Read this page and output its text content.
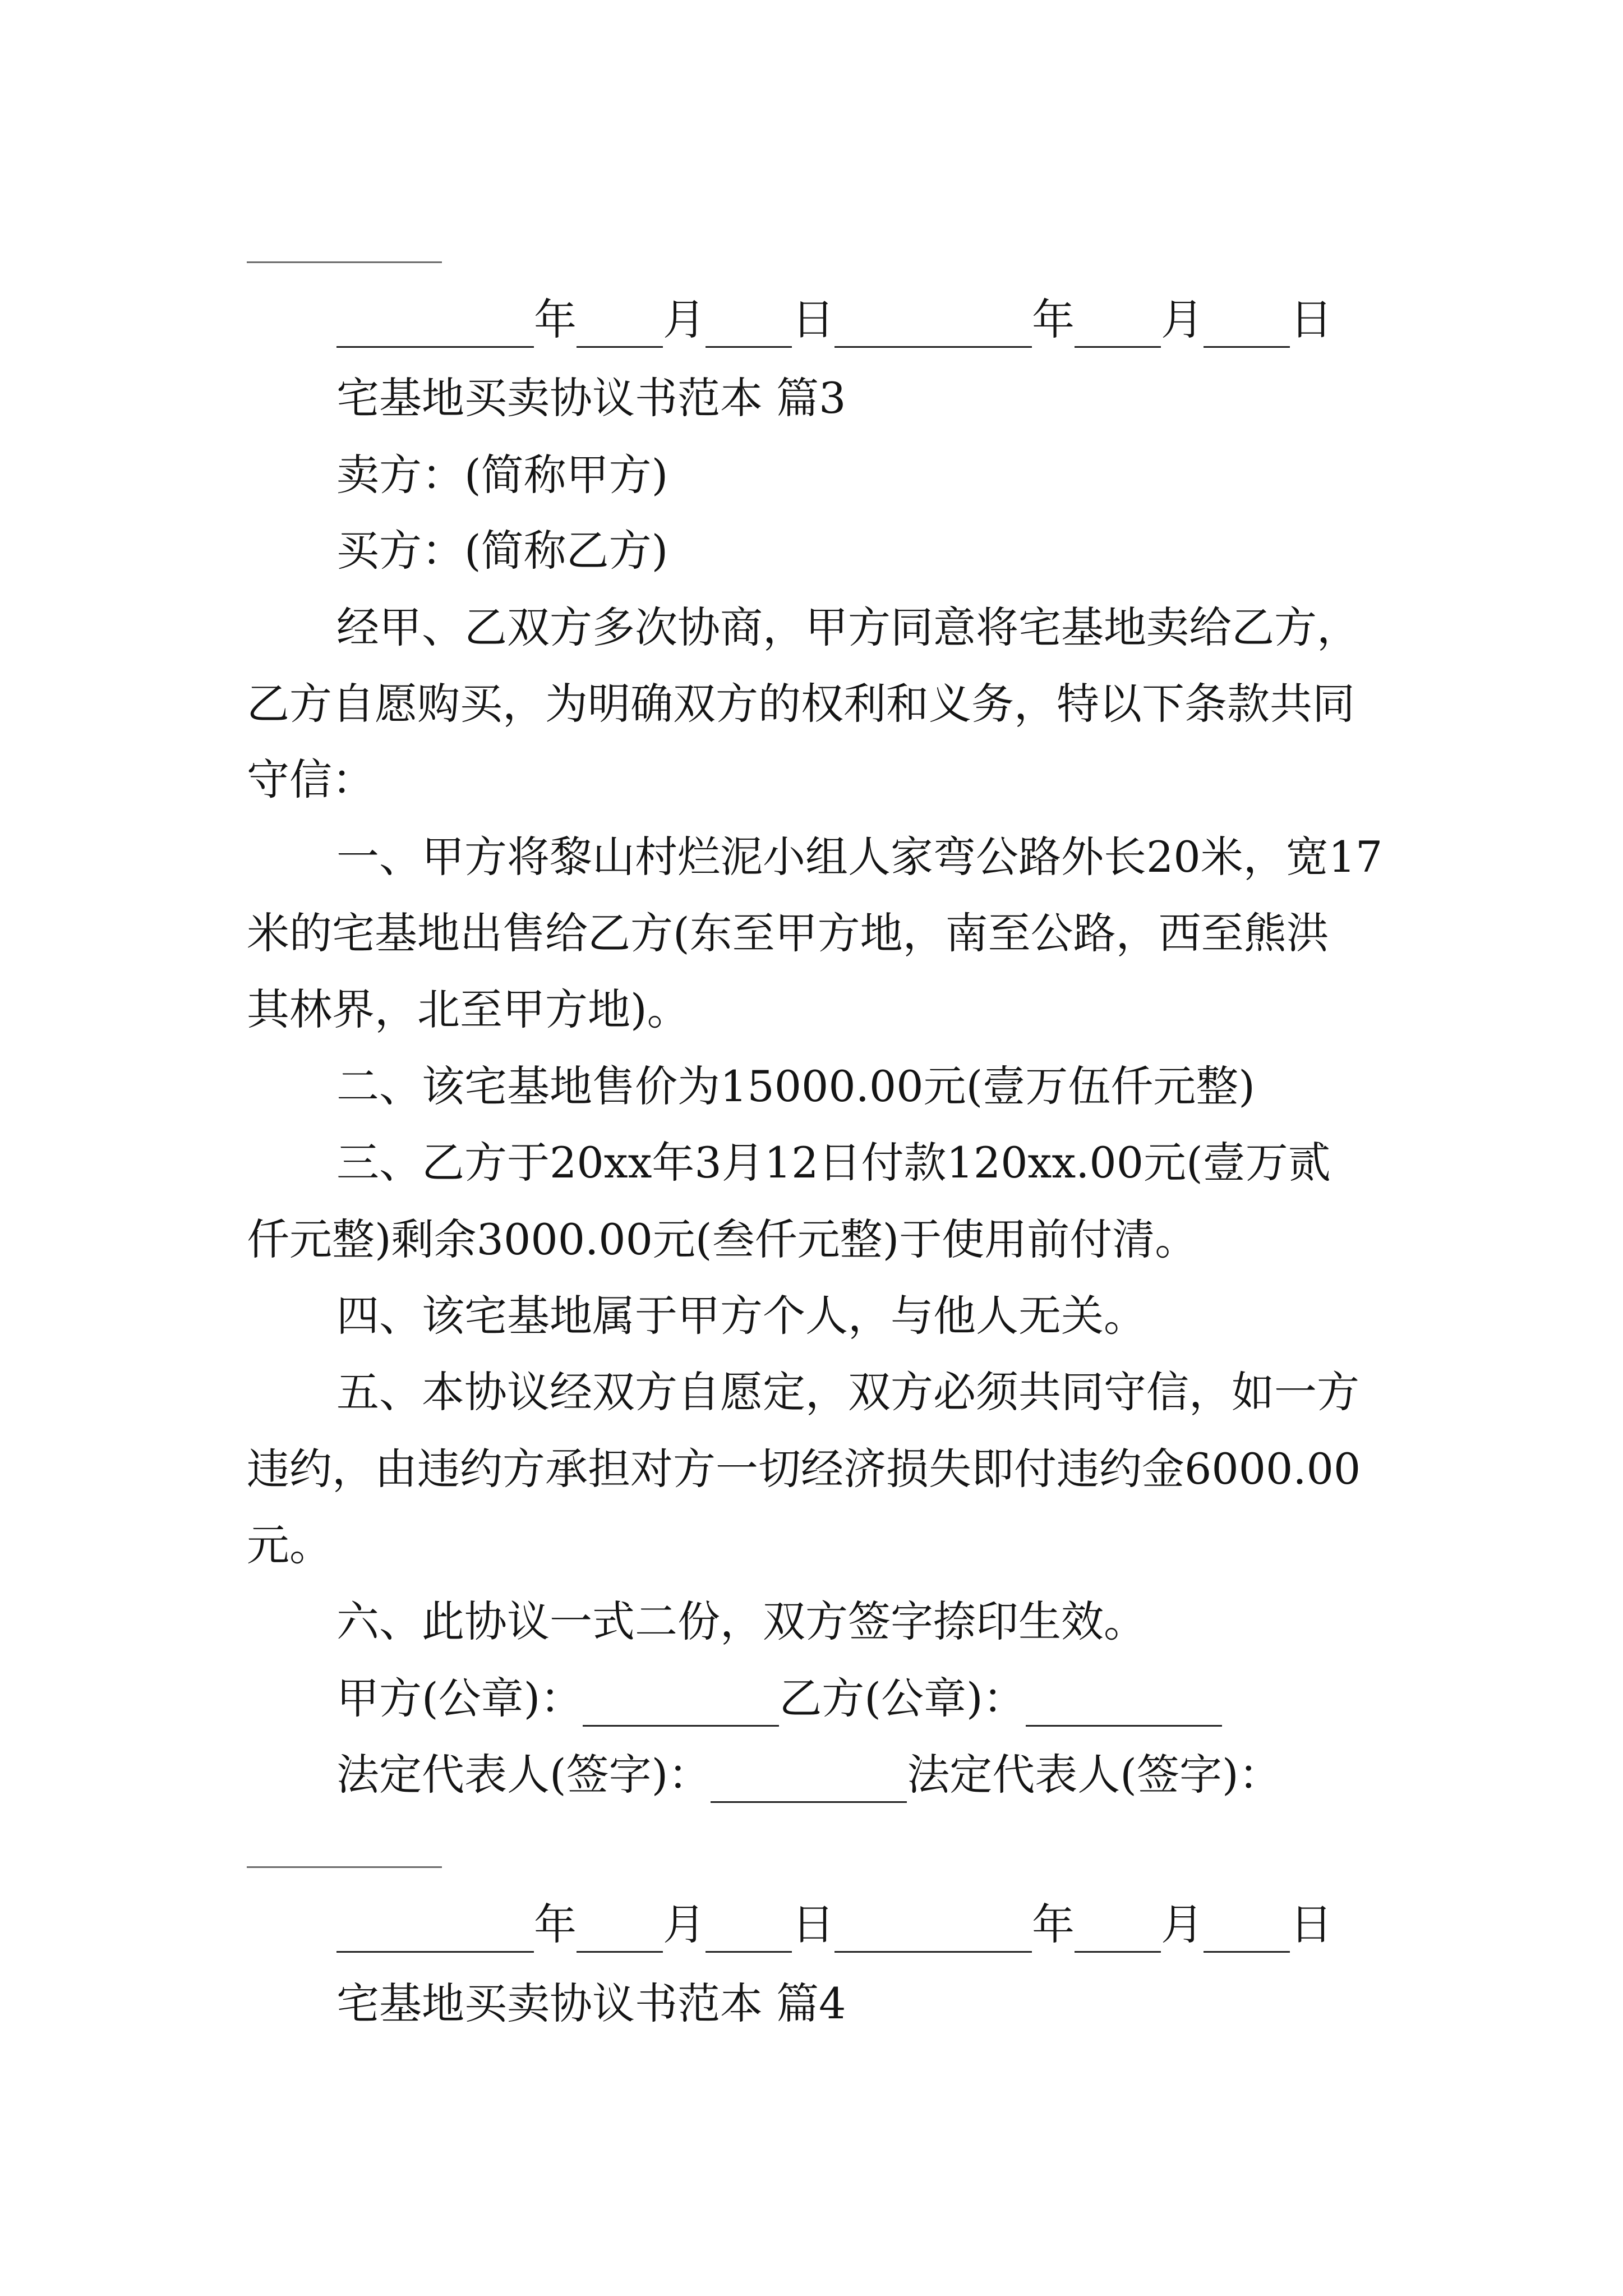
年 月 日	年 月 日
宅基地买卖协议书范本 篇3
卖方：(简称甲方)
买方：(简称乙方)
经甲、乙双方多次协商，甲方同意将宅基地卖给乙方，
乙方自愿购买，为明确双方的权利和义务，特以下条款共同
守信：
一、甲方将黎山村烂泥小组人家弯公路外长20米，宽17
米的宅基地出售给乙方(东至甲方地，南至公路，西至熊洪
其林界，北至甲方地)。
二、该宅基地售价为15000.00元(壹万伍仟元整)
三、乙方于20xx年3月12日付款120xx.00元(壹万贰
仟元整)剩余3000.00元(叁仟元整)于使用前付清。
四、该宅基地属于甲方个人，与他人无关。
五、本协议经双方自愿定，双方必须共同守信，如一方
违约，由违约方承担对方一切经济损失即付违约金6000.00
元。
六、此协议一式二份，双方签字捺印生效。
甲方(公章)：	乙方(公章)：
法定代表人(签字)：	法定代表人(签字)：
年 月 日	年 月 日
宅基地买卖协议书范本 篇4
